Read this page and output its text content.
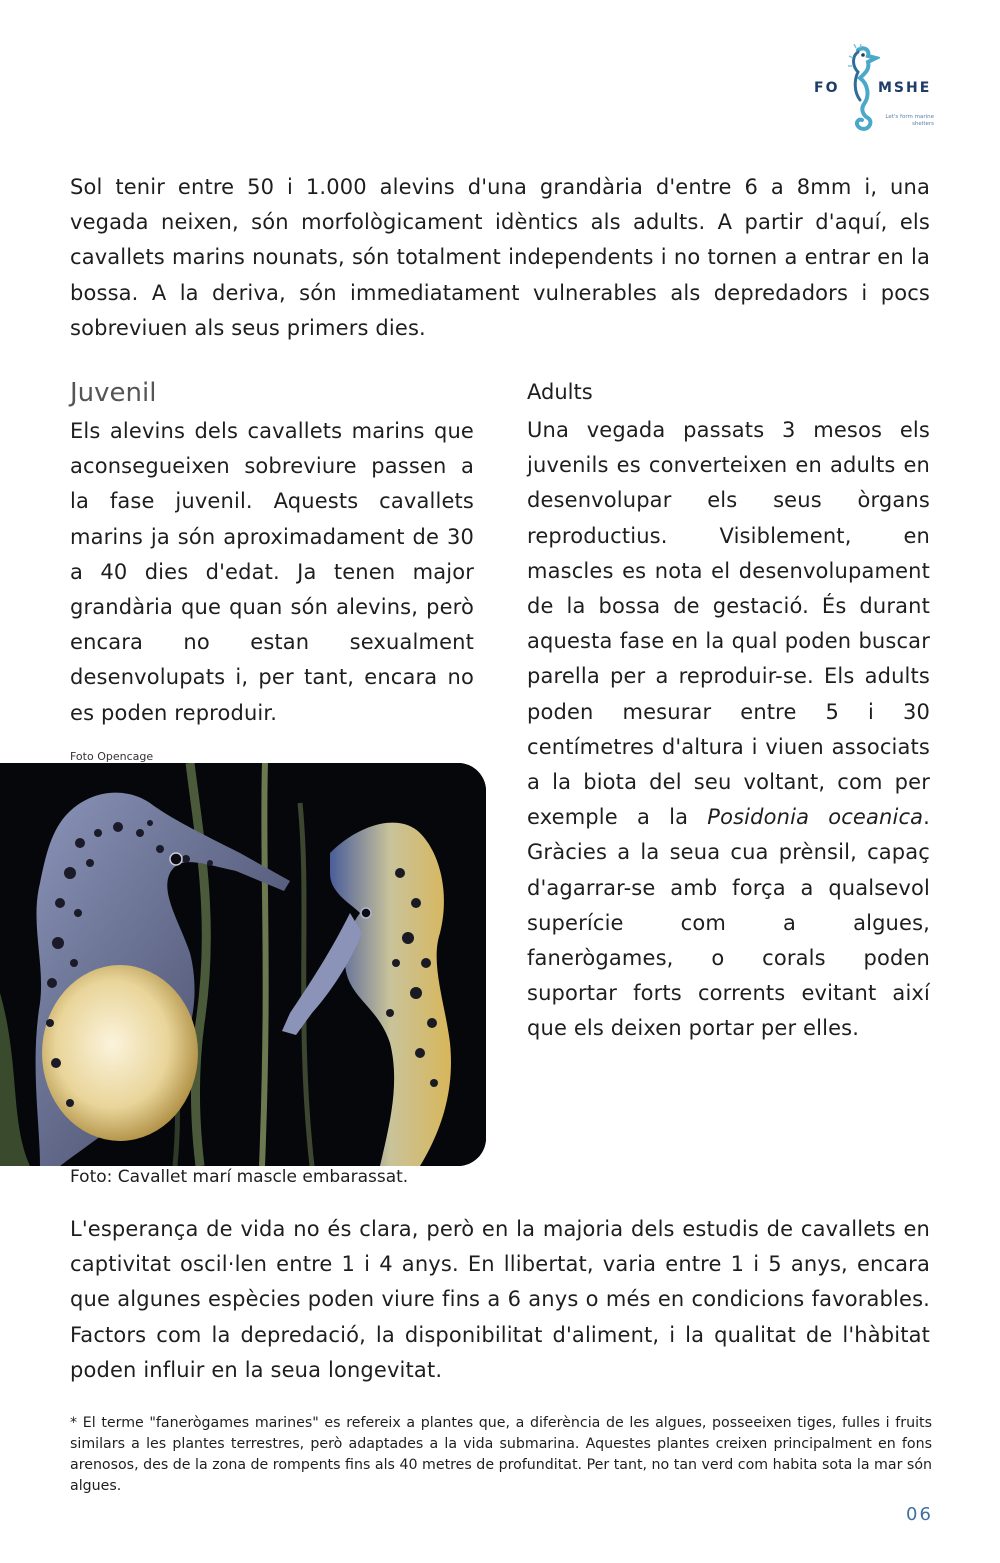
FO	MSHE
Let's form marine shelters

Sol tenir entre 50 i 1.000 alevins d'una grandària d'entre 6 a 8mm i, una vegada neixen, són morfològicament idèntics als adults. A partir d'aquí, els cavallets marins nounats, són totalment independents i no tornen a entrar en la bossa. A la deriva, són immediatament vulnerables als depredadors i pocs sobreviuen als seus primers dies.

Juvenil

Els alevins dels cavallets marins que aconsegueixen sobreviure passen a la fase juvenil. Aquests cavallets marins ja són aproximadament de 30 a 40 dies d'edat. Ja tenen major grandària que quan són alevins, però encara no estan sexualment desenvolupats i, per tant, encara no es poden reproduir.

Foto Opencage
Foto: Cavallet marí mascle embarassat.
Adults

Una vegada passats 3 mesos els juvenils es converteixen en adults en desenvolupar els seus òrgans reproductius. Visiblement, en mascles es nota el desenvolupament de la bossa de gestació. És durant aquesta fase en la qual poden buscar parella per a reproduir-se. Els adults poden mesurar entre 5 i 30 centímetres d'altura i viuen associats a la biota del seu voltant, com per exemple a la Posidonia oceanica. Gràcies a la seua cua prènsil, capaç d'agarrar-se amb força a qualsevol superície com a algues, fanerògames, o corals poden suportar forts corrents evitant així que els deixen portar per elles.

L'esperança de vida no és clara, però en la majoria dels estudis de cavallets en captivitat oscil·len entre 1 i 4 anys. En llibertat, varia entre 1 i 5 anys, encara que algunes espècies poden viure fins a 6 anys o més en condicions favorables. Factors com la depredació, la disponibilitat d'aliment, i la qualitat de l'hàbitat poden influir en la seua longevitat.

* El terme "fanerògames marines" es refereix a plantes que, a diferència de les algues, posseeixen tiges, fulles i fruits similars a les plantes terrestres, però adaptades a la vida submarina. Aquestes plantes creixen principalment en fons arenosos, des de la zona de rompents fins als 40 metres de profunditat. Per tant, no tan verd com habita sota la mar són algues.

06
